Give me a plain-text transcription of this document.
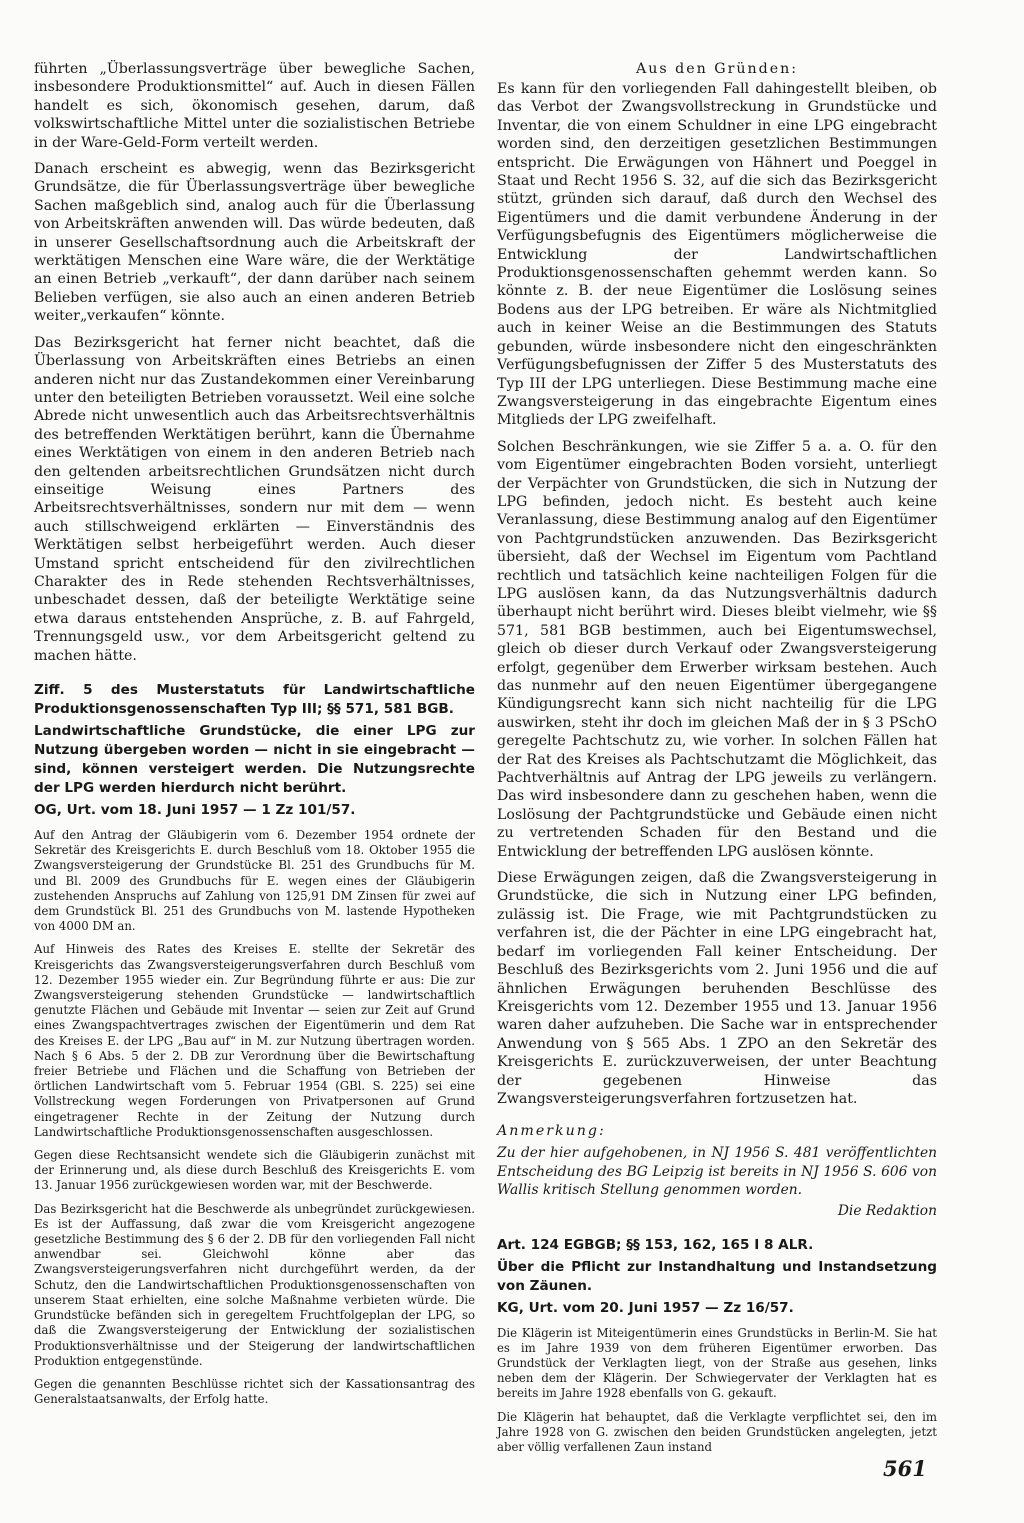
führten „Überlassungsverträge über bewegliche Sachen, insbesondere Produktionsmittel“ auf. Auch in diesen Fällen handelt es sich, ökonomisch gesehen, darum, daß volkswirtschaftliche Mittel unter die sozialistischen Betriebe in der Ware-Geld-Form verteilt werden.

Danach erscheint es abwegig, wenn das Bezirksgericht Grundsätze, die für Überlassungsverträge über bewegliche Sachen maßgeblich sind, analog auch für die Überlassung von Arbeitskräften anwenden will. Das würde bedeuten, daß in unserer Gesellschaftsordnung auch die Arbeitskraft der werktätigen Menschen eine Ware wäre, die der Werktätige an einen Betrieb „verkauft“, der dann darüber nach seinem Belieben verfügen, sie also auch an einen anderen Betrieb weiter„verkaufen“ könnte.

Das Bezirksgericht hat ferner nicht beachtet, daß die Überlassung von Arbeitskräften eines Betriebs an einen anderen nicht nur das Zustandekommen einer Vereinbarung unter den beteiligten Betrieben voraussetzt. Weil eine solche Abrede nicht unwesentlich auch das Arbeitsrechtsverhältnis des betreffenden Werktätigen berührt, kann die Übernahme eines Werktätigen von einem in den anderen Betrieb nach den geltenden arbeitsrechtlichen Grundsätzen nicht durch einseitige Weisung eines Partners des Arbeitsrechtsverhältnisses, sondern nur mit dem — wenn auch stillschweigend erklärten — Einverständnis des Werktätigen selbst herbeigeführt werden. Auch dieser Umstand spricht entscheidend für den zivilrechtlichen Charakter des in Rede stehenden Rechtsverhältnisses, unbeschadet dessen, daß der beteiligte Werktätige seine etwa daraus entstehenden Ansprüche, z. B. auf Fahrgeld, Trennungsgeld usw., vor dem Arbeitsgericht geltend zu machen hätte.

Ziff. 5 des Musterstatuts für Landwirtschaftliche Produktionsgenossenschaften Typ III; §§ 571, 581 BGB.

Landwirtschaftliche Grundstücke, die einer LPG zur Nutzung übergeben worden — nicht in sie eingebracht — sind, können versteigert werden. Die Nutzungsrechte der LPG werden hierdurch nicht berührt.

OG, Urt. vom 18. Juni 1957 — 1 Zz 101/57.

Auf den Antrag der Gläubigerin vom 6. Dezember 1954 ordnete der Sekretär des Kreisgerichts E. durch Beschluß vom 18. Oktober 1955 die Zwangsversteigerung der Grundstücke Bl. 251 des Grundbuchs für M. und Bl. 2009 des Grundbuchs für E. wegen eines der Gläubigerin zustehenden Anspruchs auf Zahlung von 125,91 DM Zinsen für zwei auf dem Grundstück Bl. 251 des Grundbuchs von M. lastende Hypotheken von 4000 DM an.

Auf Hinweis des Rates des Kreises E. stellte der Sekretär des Kreisgerichts das Zwangsversteigerungsverfahren durch Beschluß vom 12. Dezember 1955 wieder ein. Zur Begründung führte er aus: Die zur Zwangsversteigerung stehenden Grundstücke — landwirtschaftlich genutzte Flächen und Gebäude mit Inventar — seien zur Zeit auf Grund eines Zwangspachtvertrages zwischen der Eigentümerin und dem Rat des Kreises E. der LPG „Bau auf“ in M. zur Nutzung übertragen worden. Nach § 6 Abs. 5 der 2. DB zur Verordnung über die Bewirtschaftung freier Betriebe und Flächen und die Schaffung von Betrieben der örtlichen Landwirtschaft vom 5. Februar 1954 (GBl. S. 225) sei eine Vollstreckung wegen Forderungen von Privatpersonen auf Grund eingetragener Rechte in der Zeitung der Nutzung durch Landwirtschaftliche Produktionsgenossenschaften ausgeschlossen.

Gegen diese Rechtsansicht wendete sich die Gläubigerin zunächst mit der Erinnerung und, als diese durch Beschluß des Kreisgerichts E. vom 13. Januar 1956 zurückgewiesen worden war, mit der Beschwerde.

Das Bezirksgericht hat die Beschwerde als unbegründet zurückgewiesen. Es ist der Auffassung, daß zwar die vom Kreisgericht angezogene gesetzliche Bestimmung des § 6 der 2. DB für den vorliegenden Fall nicht anwendbar sei. Gleichwohl könne aber das Zwangsversteigerungsverfahren nicht durchgeführt werden, da der Schutz, den die Landwirtschaftlichen Produktionsgenossenschaften von unserem Staat erhielten, eine solche Maßnahme verbieten würde. Die Grundstücke befänden sich in geregeltem Fruchtfolgeplan der LPG, so daß die Zwangsversteigerung der Entwicklung der sozialistischen Produktionsverhältnisse und der Steigerung der landwirtschaftlichen Produktion entgegenstünde.

Gegen die genannten Beschlüsse richtet sich der Kassationsantrag des Generalstaatsanwalts, der Erfolg hatte.

Aus den Gründen:

Es kann für den vorliegenden Fall dahingestellt bleiben, ob das Verbot der Zwangsvollstreckung in Grundstücke und Inventar, die von einem Schuldner in eine LPG eingebracht worden sind, den derzeitigen gesetzlichen Bestimmungen entspricht. Die Erwägungen von Hähnert und Poeggel in Staat und Recht 1956 S. 32, auf die sich das Bezirksgericht stützt, gründen sich darauf, daß durch den Wechsel des Eigentümers und die damit verbundene Änderung in der Verfügungsbefugnis des Eigentümers möglicherweise die Entwicklung der Landwirtschaftlichen Produktionsgenossenschaften gehemmt werden kann. So könnte z. B. der neue Eigentümer die Loslösung seines Bodens aus der LPG betreiben. Er wäre als Nichtmitglied auch in keiner Weise an die Bestimmungen des Statuts gebunden, würde insbesondere nicht den eingeschränkten Verfügungsbefugnissen der Ziffer 5 des Musterstatuts des Typ III der LPG unterliegen. Diese Bestimmung mache eine Zwangsversteigerung in das eingebrachte Eigentum eines Mitglieds der LPG zweifelhaft.

Solchen Beschränkungen, wie sie Ziffer 5 a. a. O. für den vom Eigentümer eingebrachten Boden vorsieht, unterliegt der Verpächter von Grundstücken, die sich in Nutzung der LPG befinden, jedoch nicht. Es besteht auch keine Veranlassung, diese Bestimmung analog auf den Eigentümer von Pachtgrundstücken anzuwenden. Das Bezirksgericht übersieht, daß der Wechsel im Eigentum vom Pachtland rechtlich und tatsächlich keine nachteiligen Folgen für die LPG auslösen kann, da das Nutzungsverhältnis dadurch überhaupt nicht berührt wird. Dieses bleibt vielmehr, wie §§ 571, 581 BGB bestimmen, auch bei Eigentumswechsel, gleich ob dieser durch Verkauf oder Zwangsversteigerung erfolgt, gegenüber dem Erwerber wirksam bestehen. Auch das nunmehr auf den neuen Eigentümer übergegangene Kündigungsrecht kann sich nicht nachteilig für die LPG auswirken, steht ihr doch im gleichen Maß der in § 3 PSchO geregelte Pachtschutz zu, wie vorher. In solchen Fällen hat der Rat des Kreises als Pachtschutzamt die Möglichkeit, das Pachtverhältnis auf Antrag der LPG jeweils zu verlängern. Das wird insbesondere dann zu geschehen haben, wenn die Loslösung der Pachtgrundstücke und Gebäude einen nicht zu vertretenden Schaden für den Bestand und die Entwicklung der betreffenden LPG auslösen könnte.

Diese Erwägungen zeigen, daß die Zwangsversteigerung in Grundstücke, die sich in Nutzung einer LPG befinden, zulässig ist. Die Frage, wie mit Pachtgrundstücken zu verfahren ist, die der Pächter in eine LPG eingebracht hat, bedarf im vorliegenden Fall keiner Entscheidung. Der Beschluß des Bezirksgerichts vom 2. Juni 1956 und die auf ähnlichen Erwägungen beruhenden Beschlüsse des Kreisgerichts vom 12. Dezember 1955 und 13. Januar 1956 waren daher aufzuheben. Die Sache war in entsprechender Anwendung von § 565 Abs. 1 ZPO an den Sekretär des Kreisgerichts E. zurückzuverweisen, der unter Beachtung der gegebenen Hinweise das Zwangsversteigerungsverfahren fortzusetzen hat.

Anmerkung:

Zu der hier aufgehobenen, in NJ 1956 S. 481 veröffentlichten Entscheidung des BG Leipzig ist bereits in NJ 1956 S. 606 von Wallis kritisch Stellung genommen worden.

Die Redaktion

Art. 124 EGBGB; §§ 153, 162, 165 I 8 ALR.

Über die Pflicht zur Instandhaltung und Instandsetzung von Zäunen.

KG, Urt. vom 20. Juni 1957 — Zz 16/57.

Die Klägerin ist Miteigentümerin eines Grundstücks in Berlin-M. Sie hat es im Jahre 1939 von dem früheren Eigentümer erworben. Das Grundstück der Verklagten liegt, von der Straße aus gesehen, links neben dem der Klägerin. Der Schwiegervater der Verklagten hat es bereits im Jahre 1928 ebenfalls von G. gekauft.

Die Klägerin hat behauptet, daß die Verklagte verpflichtet sei, den im Jahre 1928 von G. zwischen den beiden Grundstücken angelegten, jetzt aber völlig verfallenen Zaun instand

561
